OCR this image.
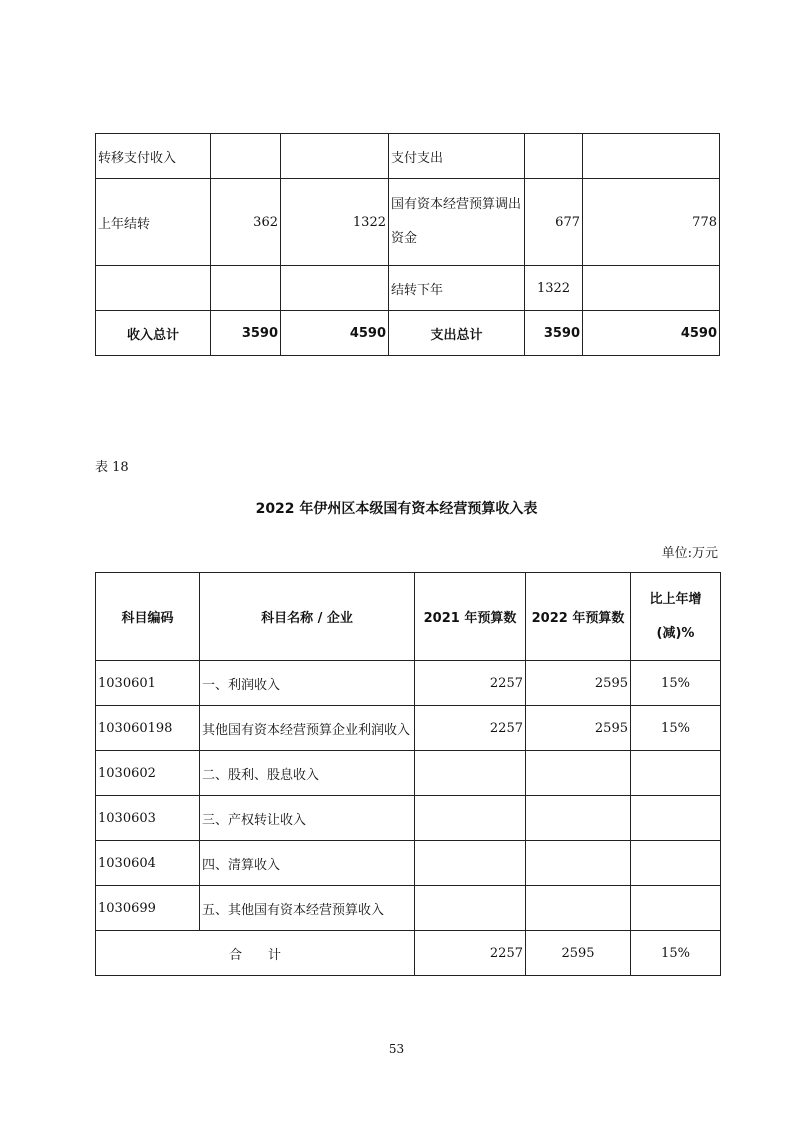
转移支付收入			支付支出		
上年结转	362	1322	国有资本经营预算调出资金	677	778
			结转下年	1322	
收入总计	3590	4590	支出总计	3590	4590
表 18
2022 年伊州区本级国有资本经营预算收入表
单位:万元
科目编码	科目名称 / 企业	2021 年预算数	2022 年预算数	比上年增(减)%
1030601	一、利润收入	2257	2595	15%
103060198	其他国有资本经营预算企业利润收入	2257	2595	15%
1030602	二、股利、股息收入			
1030603	三、产权转让收入			
1030604	四、清算收入			
1030699	五、其他国有资本经营预算收入			
合　　计		2257	2595	15%
53
